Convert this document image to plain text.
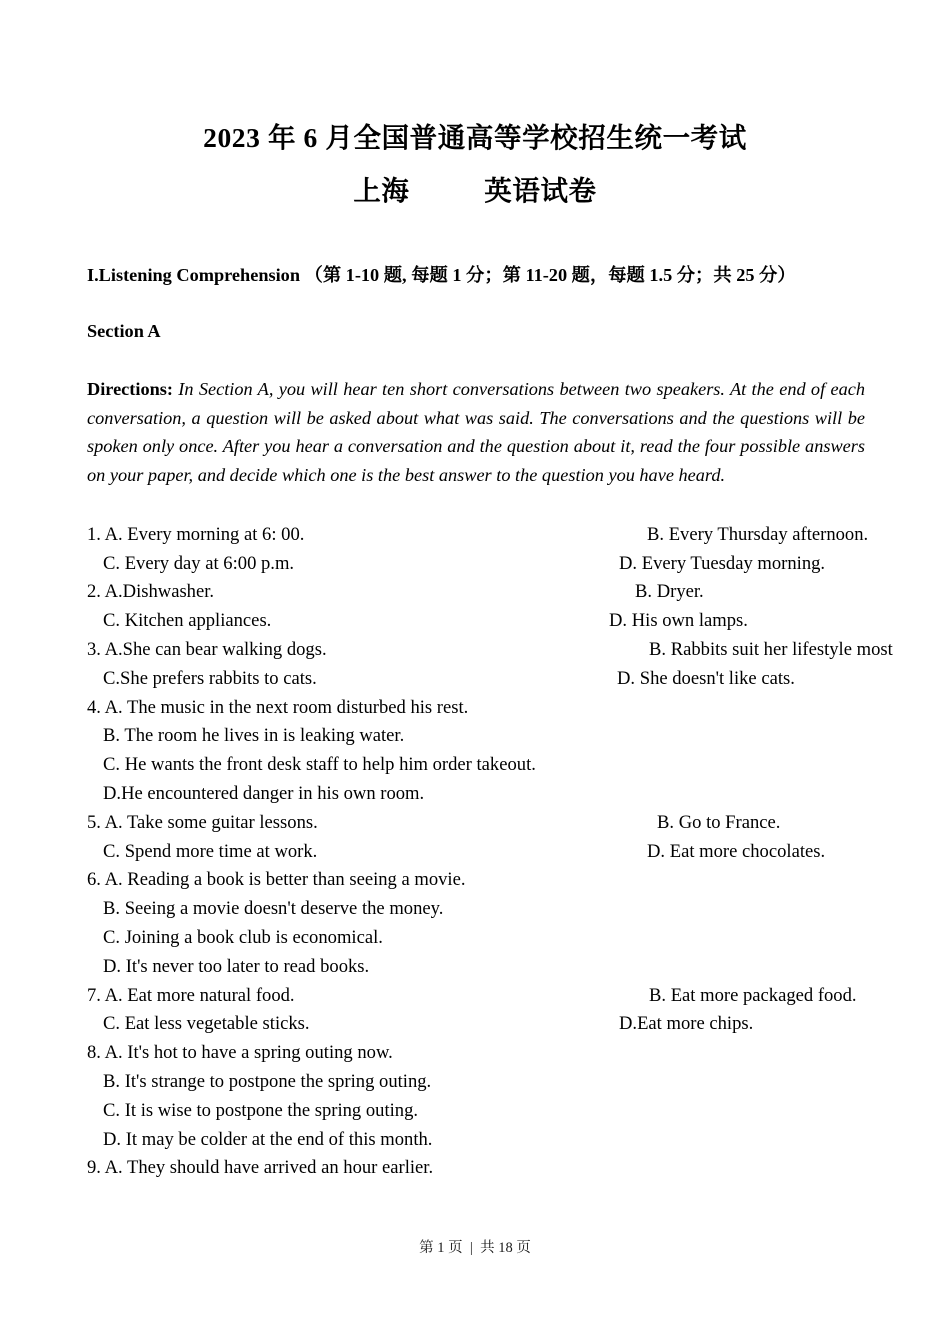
2023 年 6 月全国普通高等学校招生统一考试
上海          英语试卷
I.Listening Comprehension （第 1-10 题, 每题 1 分；第 11-20 题，每题 1.5 分；共 25 分）
Section A

Directions: In Section A, you will hear ten short conversations between two speakers. At the end of each conversation, a question will be asked about what was said. The conversations and the questions will be spoken only once. After you hear a conversation and the question about it, read the four possible answers on your paper, and decide which one is the best answer to the question you have heard.

1. A. Every morning at 6: 00.	B. Every Thursday afternoon.
C. Every day at 6:00 p.m.	D. Every Tuesday morning.
2. A.Dishwasher.	B. Dryer.
C. Kitchen appliances.	D. His own lamps.
3. A.She can bear walking dogs.	B. Rabbits suit her lifestyle most
C.She prefers rabbits to cats.	D. She doesn't like cats.
4. A. The music in the next room disturbed his rest.
B. The room he lives in is leaking water.
C. He wants the front desk staff to help him order takeout.
D.He encountered danger in his own room.
5. A. Take some guitar lessons.	B. Go to France.
C. Spend more time at work.	D. Eat more chocolates.
6. A. Reading a book is better than seeing a movie.
B. Seeing a movie doesn't deserve the money.
C. Joining a book club is economical.
D. It's never too later to read books.
7. A. Eat more natural food.	B. Eat more packaged food.
C. Eat less vegetable sticks.	D.Eat more chips.
8. A. It's hot to have a spring outing now.
B. It's strange to postpone the spring outing.
C. It is wise to postpone the spring outing.
D. It may be colder at the end of this month.
9. A. They should have arrived an hour earlier.
第 1 页  |  共 18 页
